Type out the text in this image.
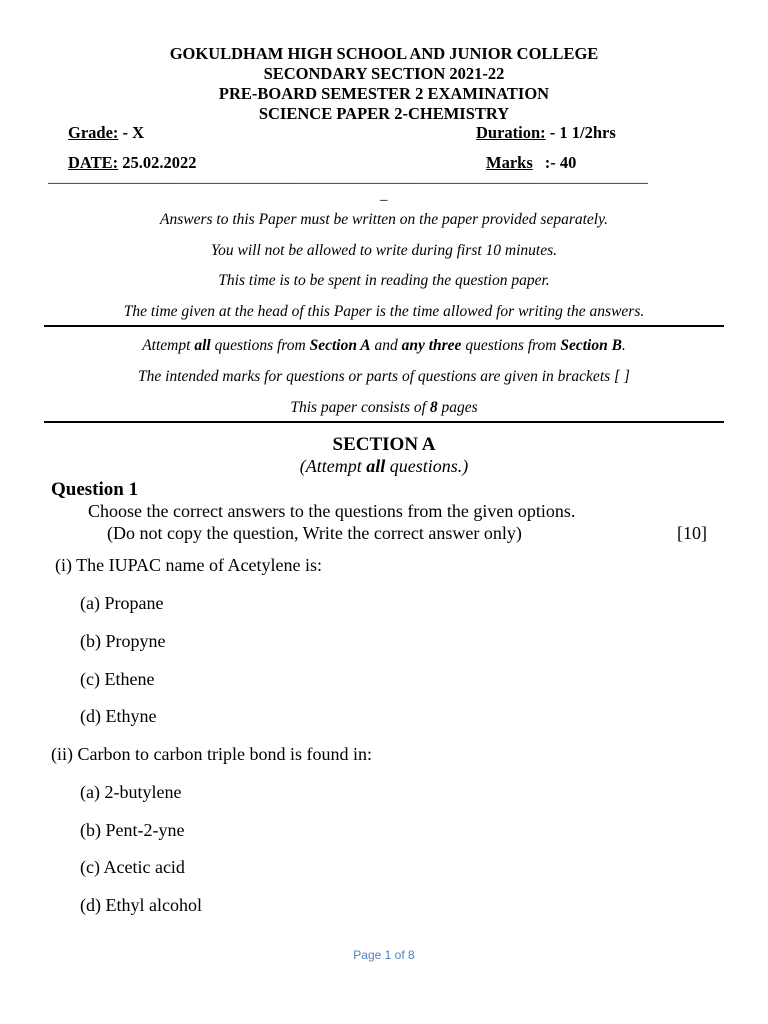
GOKULDHAM HIGH SCHOOL AND JUNIOR COLLEGE
SECONDARY SECTION 2021-22
PRE-BOARD SEMESTER 2 EXAMINATION
SCIENCE PAPER 2-CHEMISTRY
Grade: - X	Duration: - 1 1/2hrs
DATE: 25.02.2022	Marks :- 40
________________________________________________________________________________
_
Answers to this Paper must be written on the paper provided separately.
You will not be allowed to write during first 10 minutes.
This time is to be spent in reading the question paper.
The time given at the head of this Paper is the time allowed for writing the answers.
Attempt all questions from Section A and any three questions from Section B.
The intended marks for questions or parts of questions are given in brackets [ ]
This paper consists of 8 pages
SECTION A
(Attempt all questions.)
Question 1
Choose the correct answers to the questions from the given options.
(Do not copy the question, Write the correct answer only)	[10]
(i) The IUPAC name of Acetylene is:
(a) Propane
(b) Propyne
(c) Ethene
(d) Ethyne
(ii) Carbon to carbon triple bond is found in:
(a) 2-butylene
(b) Pent-2-yne
(c) Acetic acid
(d) Ethyl alcohol
Page 1 of 8
